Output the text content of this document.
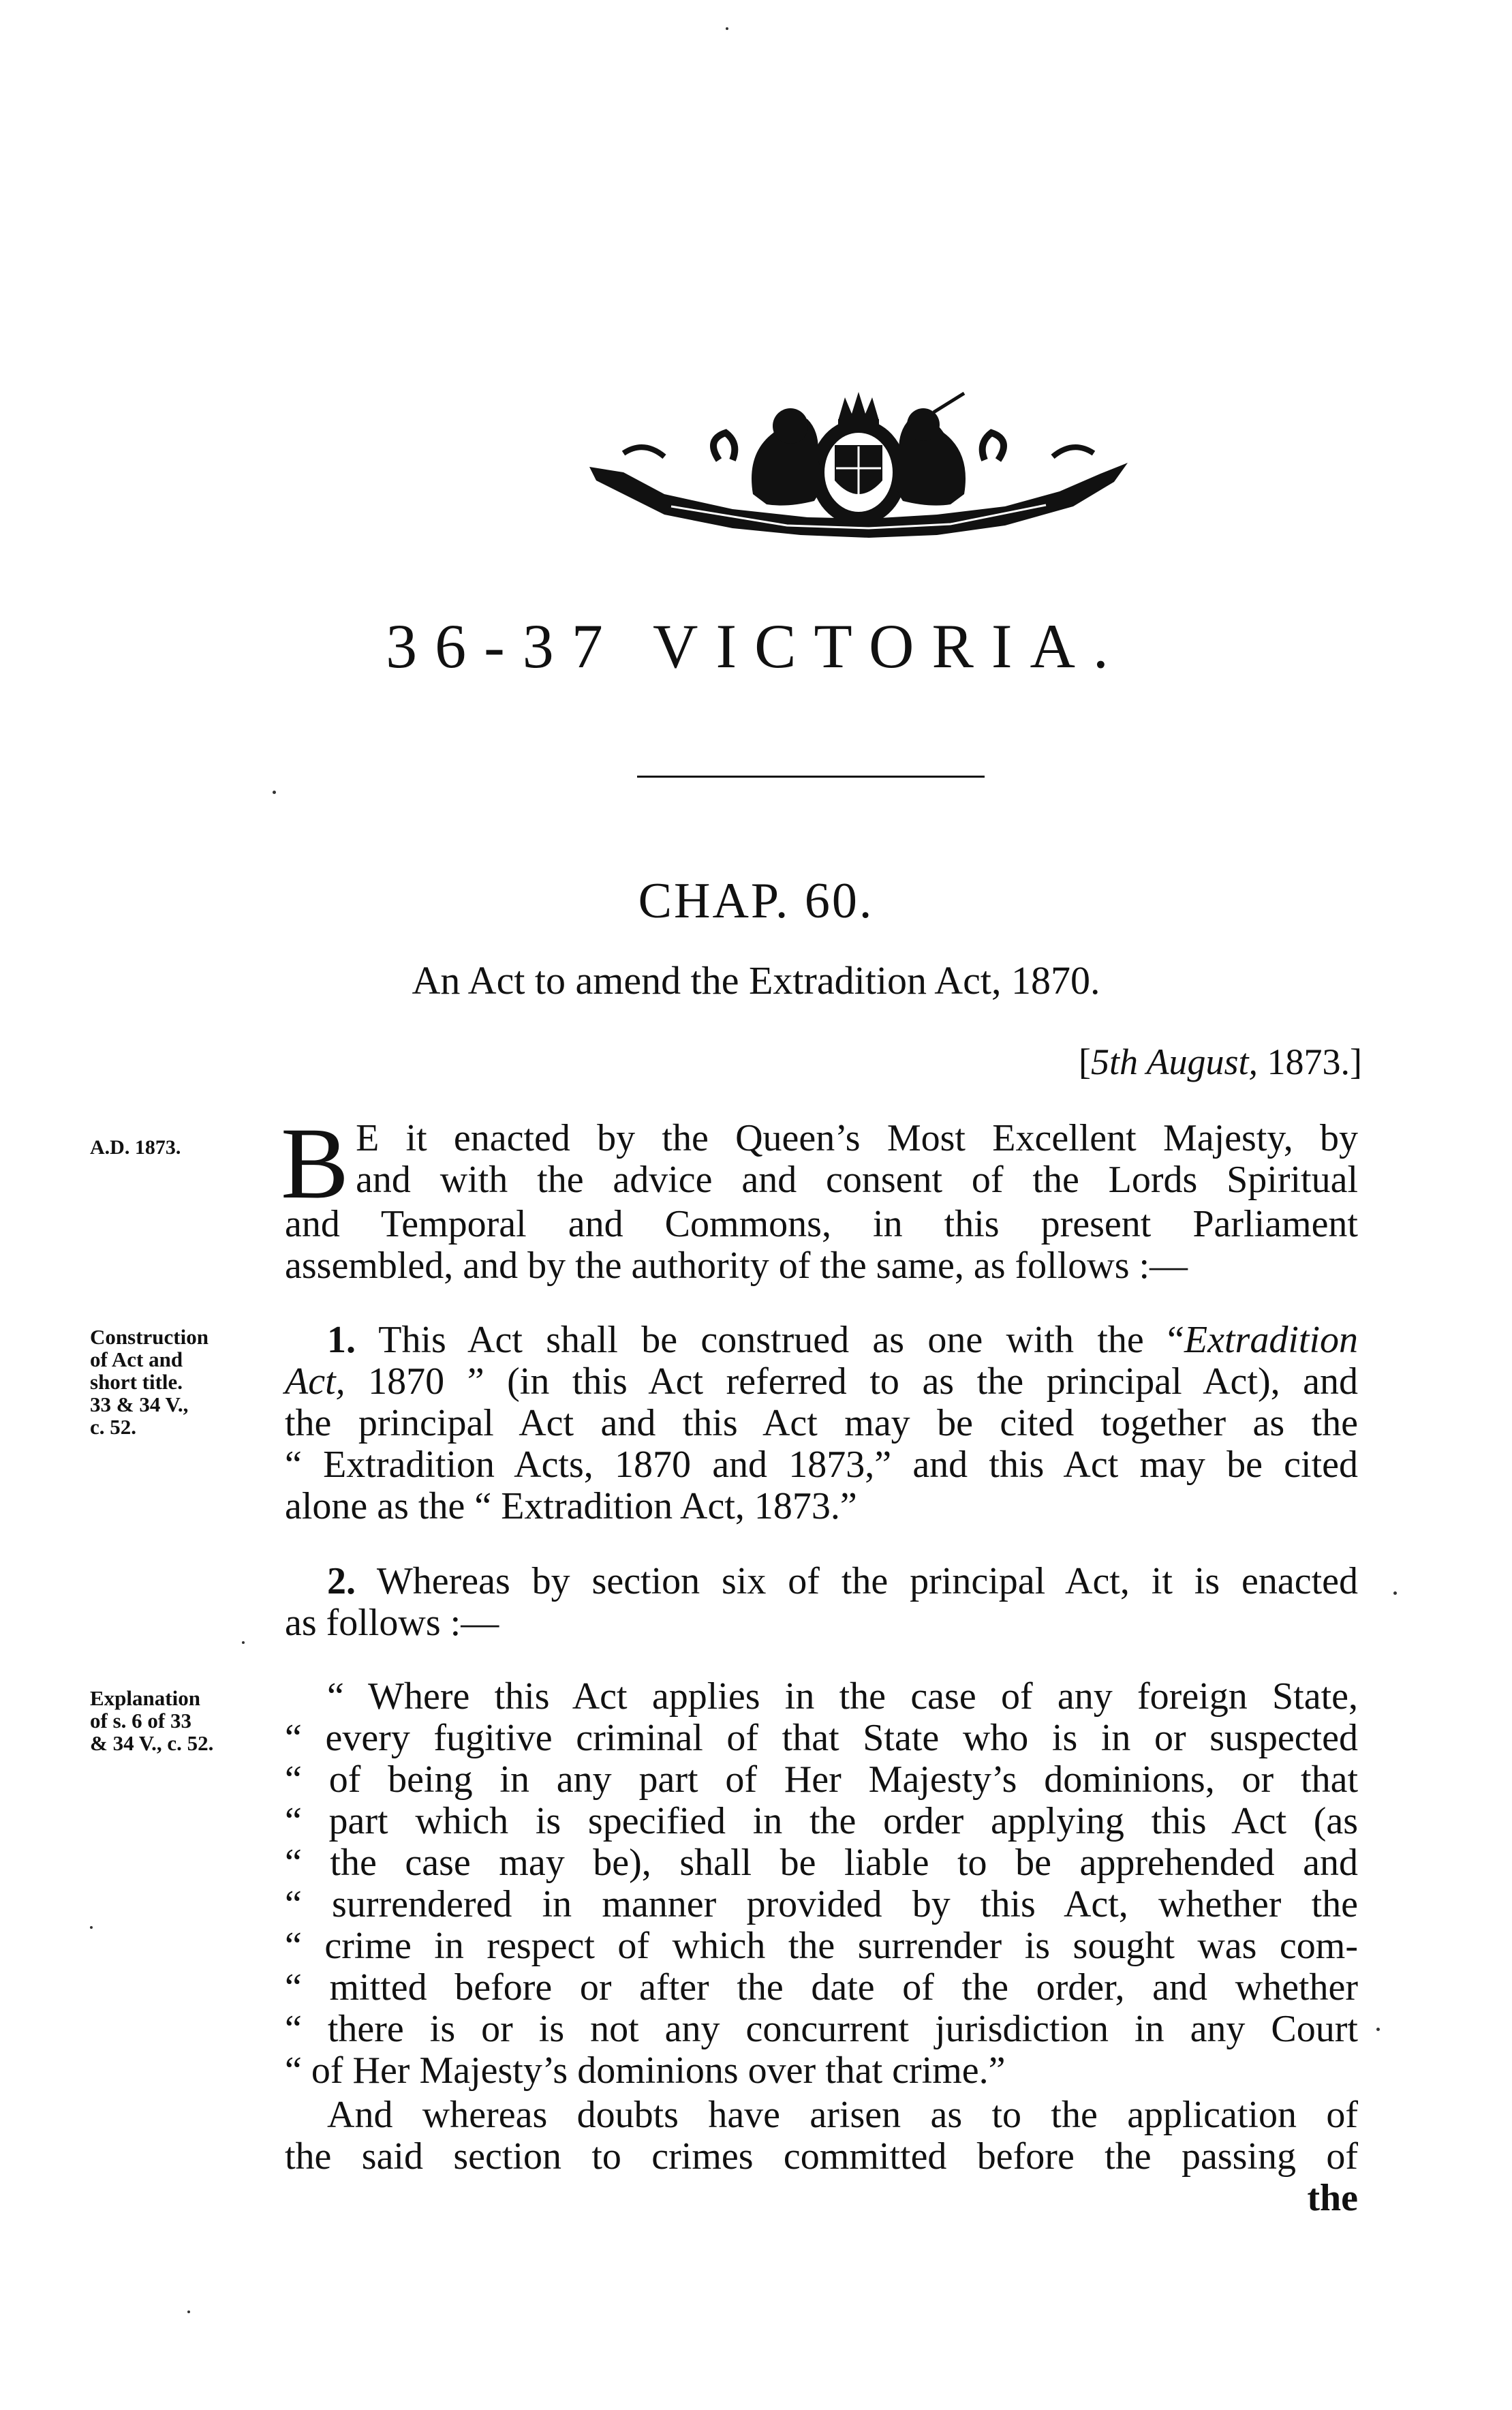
36-37 VICTORIA.
CHAP. 60.
An Act to amend the Extradition Act, 1870.
[5th August, 1873.]
A.D. 1873.
Construction
of Act and
short title.
33 & 34 V.,
c. 52.
Explanation
of s. 6 of 33
& 34 V., c. 52.
B E it enacted by the Queen’s Most Excellent Majesty, by
and with the advice and consent of the Lords Spiritual
and Temporal and Commons, in this present Parliament
assembled, and by the authority of the same, as follows :—
1. This Act shall be construed as one with the “Extradition
Act, 1870 ” (in this Act referred to as the principal Act), and
the principal Act and this Act may be cited together as the
“ Extradition Acts, 1870 and 1873,” and this Act may be cited
alone as the “ Extradition Act, 1873.”
2. Whereas by section six of the principal Act, it is enacted
as follows :—
“ Where this Act applies in the case of any foreign State,
“ every fugitive criminal of that State who is in or suspected
“ of being in any part of Her Majesty’s dominions, or that
“ part which is specified in the order applying this Act (as
“ the case may be), shall be liable to be apprehended and
“ surrendered in manner provided by this Act, whether the
“ crime in respect of which the surrender is sought was com-
“ mitted before or after the date of the order, and whether
“ there is or is not any concurrent jurisdiction in any Court
“ of Her Majesty’s dominions over that crime.”
And whereas doubts have arisen as to the application of
the said section to crimes committed before the passing of
the
